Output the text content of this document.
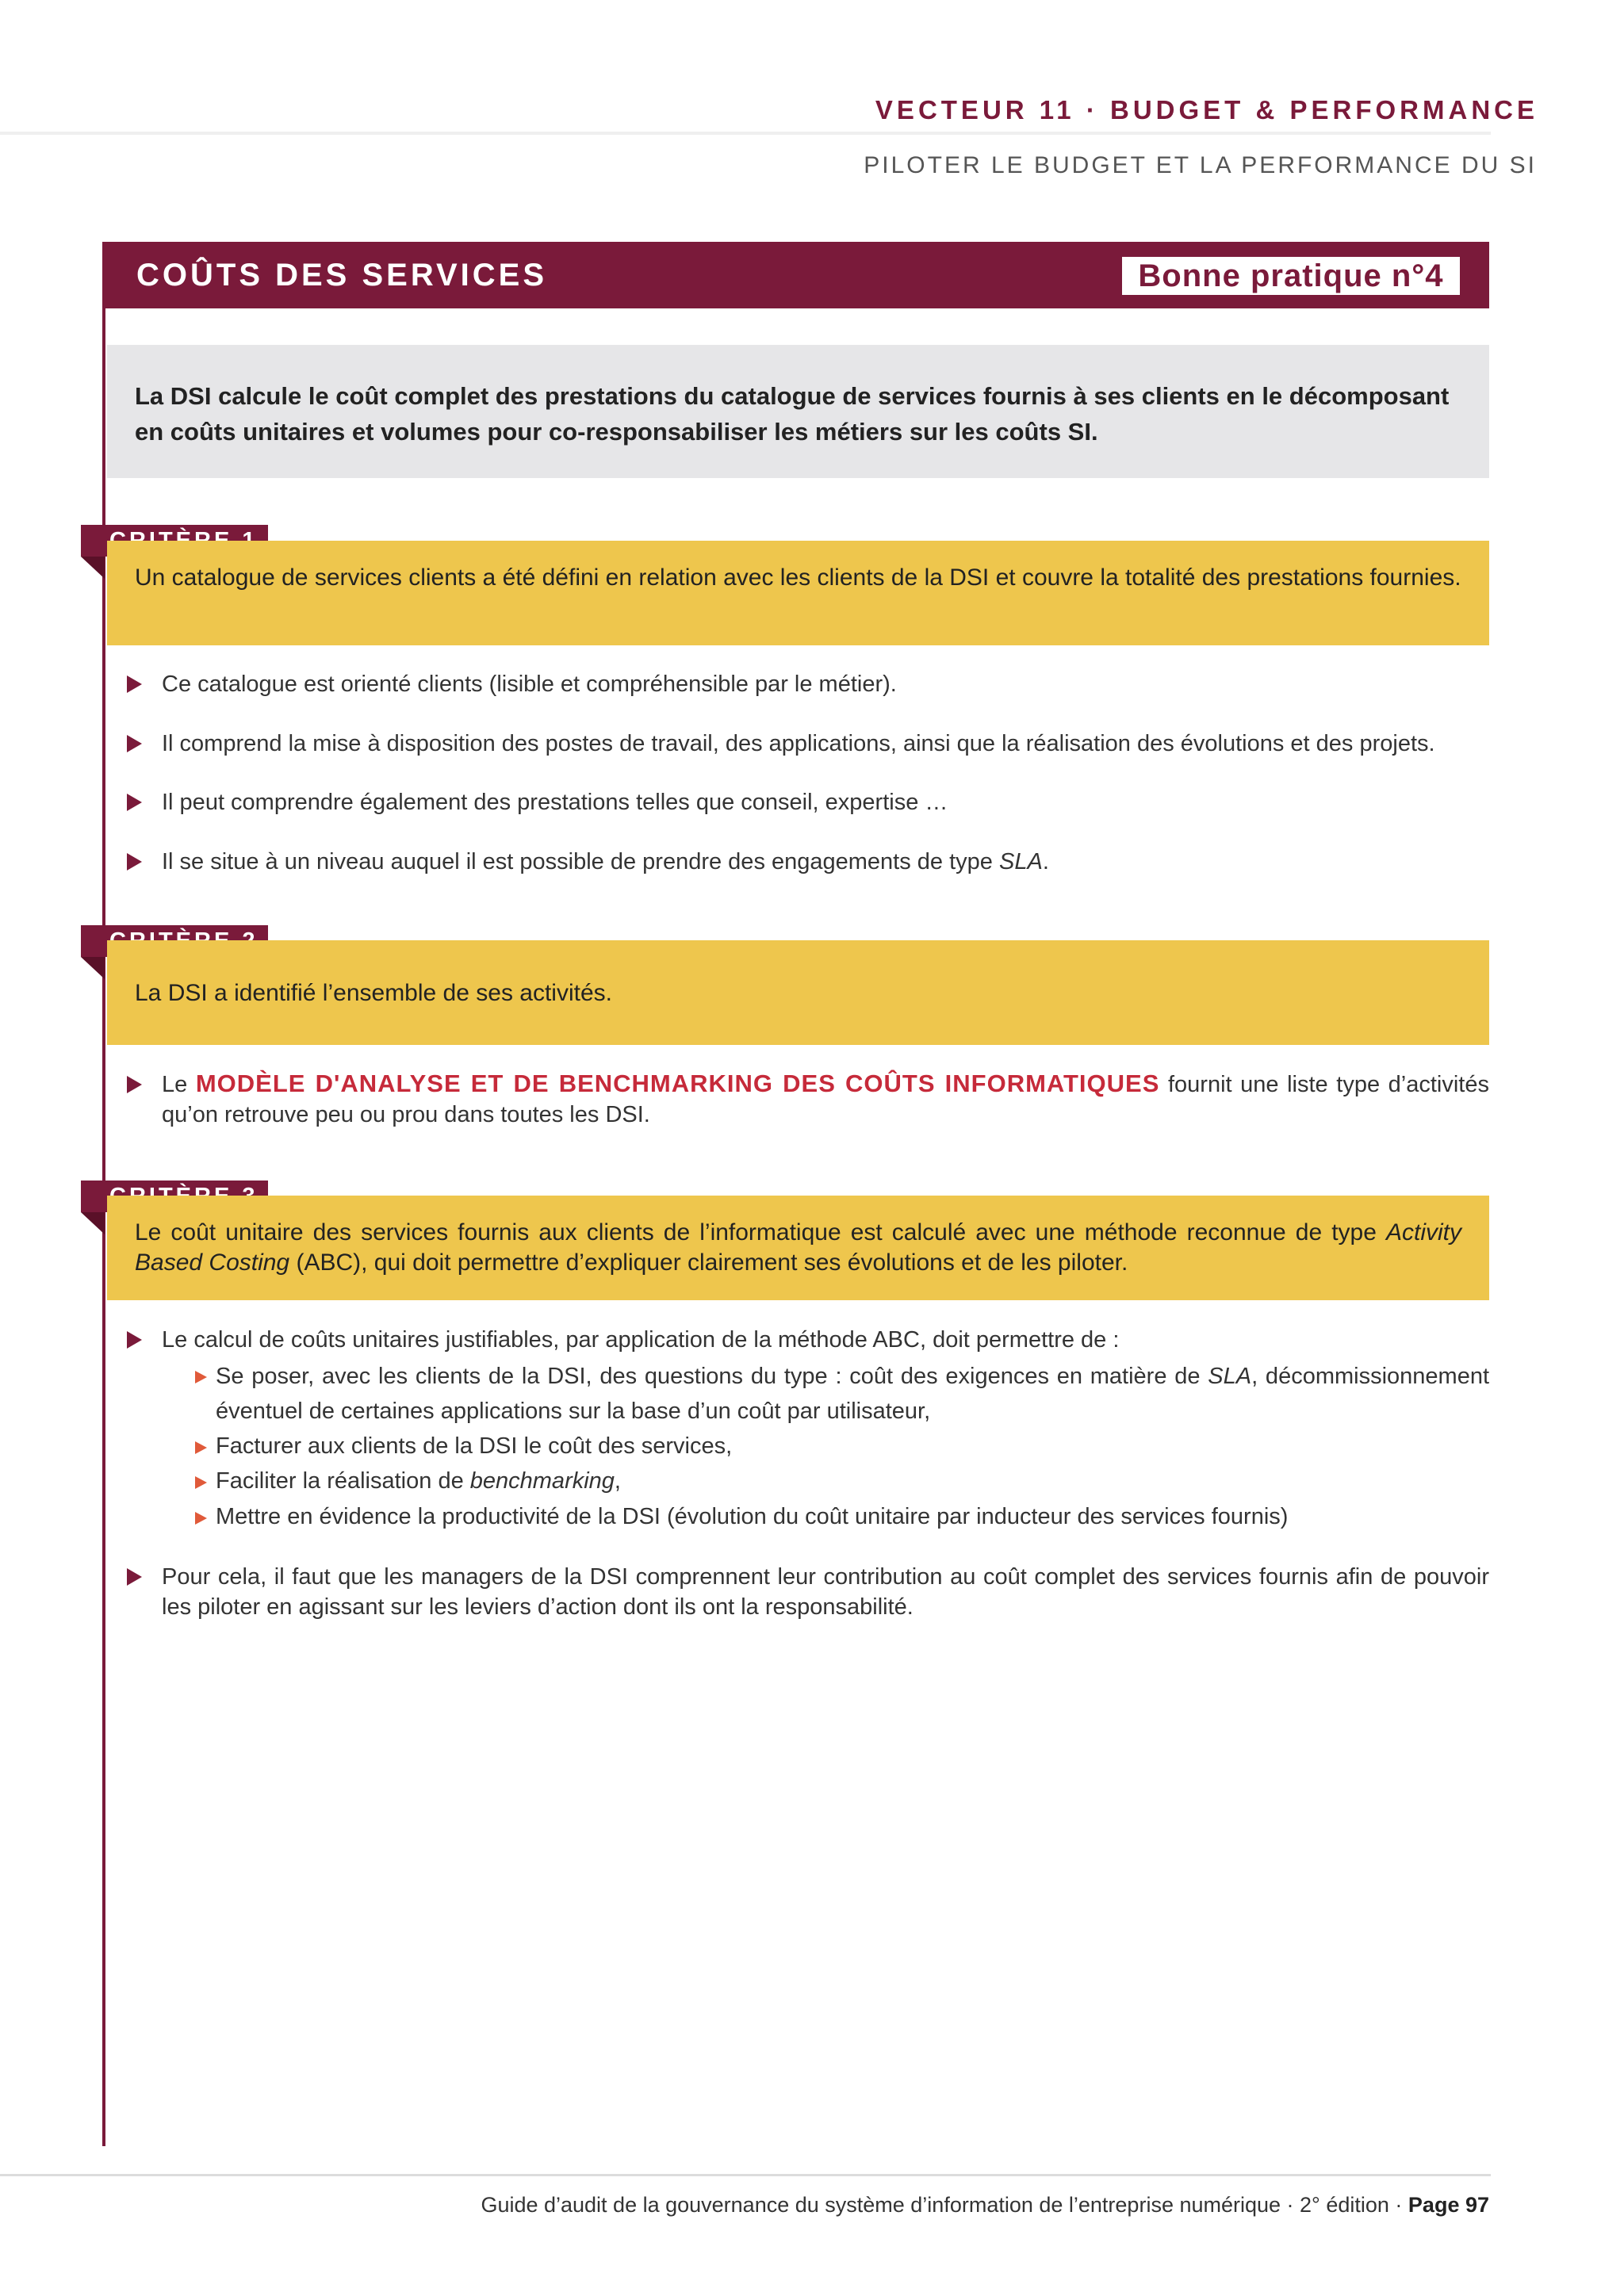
VECTEUR 11 · BUDGET & PERFORMANCE
PILOTER LE BUDGET ET LA PERFORMANCE DU SI
COÛTS DES SERVICES	Bonne pratique n°4
La DSI calcule le coût complet des prestations du catalogue de services fournis à ses clients en le décomposant en coûts unitaires et volumes pour co-responsabiliser les métiers sur les coûts SI.
Un catalogue de services clients a été défini en relation avec les clients de la DSI et couvre la totalité des prestations fournies.
Ce catalogue est orienté clients (lisible et compréhensible par le métier).
Il comprend la mise à disposition des postes de travail, des applications, ainsi que la réalisation des évolutions et des projets.
Il peut comprendre également des prestations telles que conseil, expertise …
Il se situe à un niveau auquel il est possible de prendre des engagements de type SLA.
La DSI a identifié l’ensemble de ses activités.
Le MODÈLE D'ANALYSE ET DE BENCHMARKING DES COÛTS INFORMATIQUES fournit une liste type d’activités qu’on retrouve peu ou prou dans toutes les DSI.
Le coût unitaire des services fournis aux clients de l’informatique est calculé avec une méthode reconnue de type Activity Based Costing (ABC), qui doit permettre d’expliquer clairement ses évolutions et de les piloter.
Le calcul de coûts unitaires justifiables, par application de la méthode ABC, doit permettre de :
Se poser, avec les clients de la DSI, des questions du type : coût des exigences en matière de SLA, décommissionnement éventuel de certaines applications sur la base d’un coût par utilisateur,
Facturer aux clients de la DSI le coût des services,
Faciliter la réalisation de benchmarking,
Mettre en évidence la productivité de la DSI (évolution du coût unitaire par inducteur des services fournis)
Pour cela, il faut que les managers de la DSI comprennent leur contribution au coût complet des services fournis afin de pouvoir les piloter en agissant sur les leviers d’action dont ils ont la responsabilité.
Guide d’audit de la gouvernance du système d’information de l’entreprise numérique · 2° édition · Page 97
